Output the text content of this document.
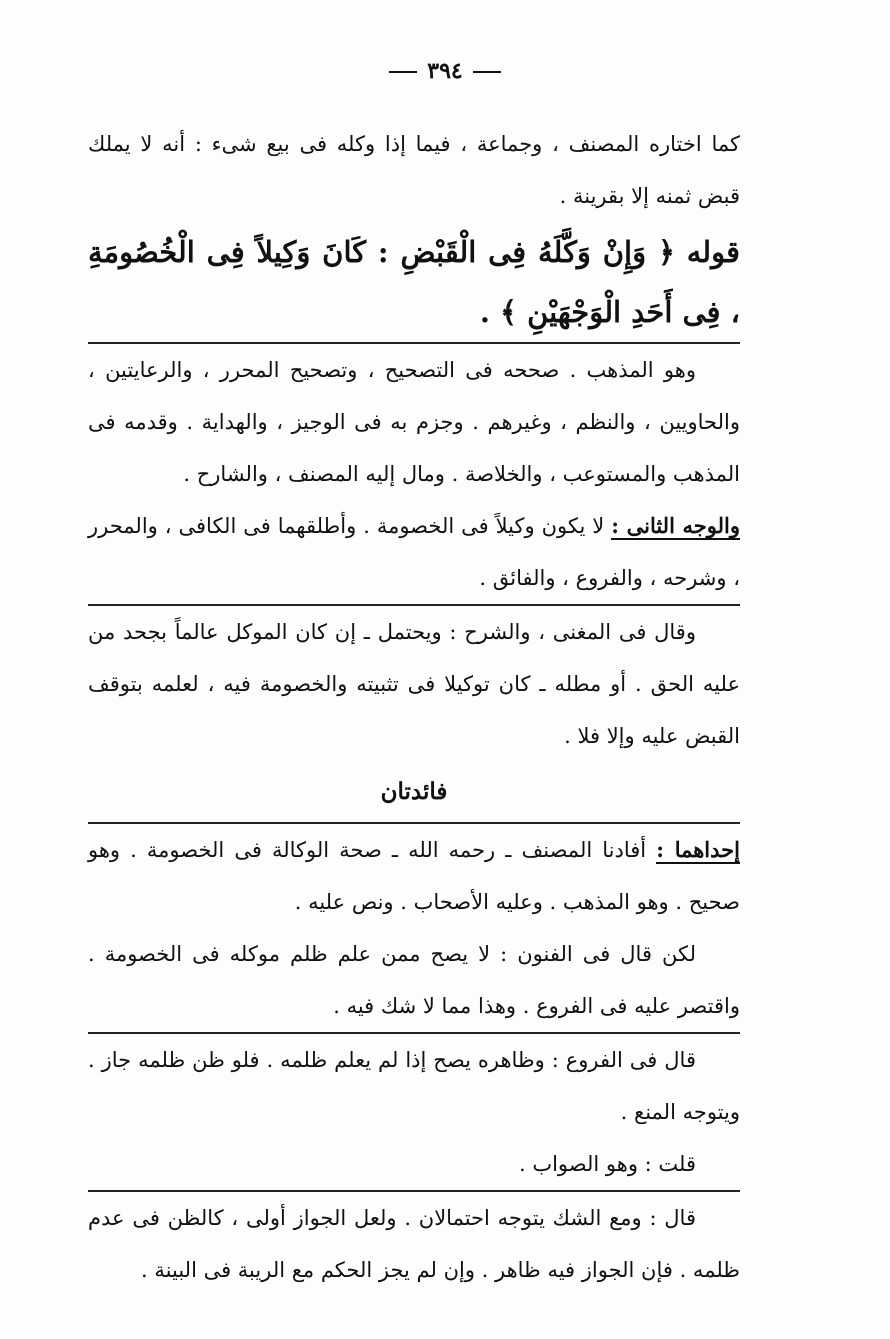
٣٩٤

كما اختاره المصنف ، وجماعة ، فيما إذا وكله فى بيع شىء : أنه لا يملك قبض ثمنه إلا بقرينة .

قوله ﴿ وَإِنْ وَكَّلَهُ فِى الْقَبْضِ : كَانَ وَكِيلاً فِى الْخُصُومَةِ ، فِى أَحَدِ الْوَجْهَيْنِ ﴾ .

وهو المذهب . صححه فى التصحيح ، وتصحيح المحرر ، والرعايتين ، والحاويين ، والنظم ، وغيرهم . وجزم به فى الوجيز ، والهداية . وقدمه فى المذهب والمستوعب ، والخلاصة . ومال إليه المصنف ، والشارح .

والوجه الثانى : لا يكون وكيلاً فى الخصومة . وأطلقهما فى الكافى ، والمحرر ، وشرحه ، والفروع ، والفائق .

وقال فى المغنى ، والشرح : ويحتمل ـ إن كان الموكل عالماً بجحد من عليه الحق . أو مطله ـ كان توكيلا فى تثبيته والخصومة فيه ، لعلمه بتوقف القبض عليه وإلا فلا .

فائدتان

إحداهما : أفادنا المصنف ـ رحمه الله ـ صحة الوكالة فى الخصومة . وهو صحيح . وهو المذهب . وعليه الأصحاب . ونص عليه .

لكن قال فى الفنون : لا يصح ممن علم ظلم موكله فى الخصومة . واقتصر عليه فى الفروع . وهذا مما لا شك فيه .

قال فى الفروع : وظاهره يصح إذا لم يعلم ظلمه . فلو ظن ظلمه جاز . ويتوجه المنع .

قلت : وهو الصواب .

قال : ومع الشك يتوجه احتمالان . ولعل الجواز أولى ، كالظن فى عدم ظلمه . فإن الجواز فيه ظاهر . وإن لم يجز الحكم مع الريبة فى البينة .
